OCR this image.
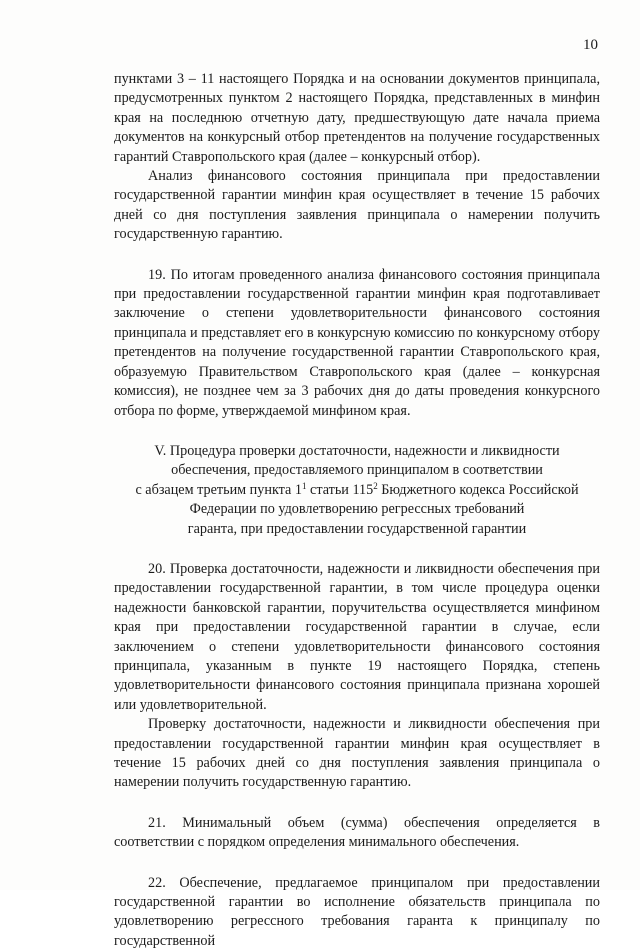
10

пунктами 3 – 11 настоящего Порядка и на основании документов принципала, предусмотренных пунктом 2 настоящего Порядка, представленных в минфин края на последнюю отчетную дату, предшествующую дате начала приема документов на конкурсный отбор претендентов на получение государственных гарантий Ставропольского края (далее – конкурсный отбор).

Анализ финансового состояния принципала при предоставлении государственной гарантии минфин края осуществляет в течение 15 рабочих дней со дня поступления заявления принципала о намерении получить государственную гарантию.

19. По итогам проведенного анализа финансового состояния принципала при предоставлении государственной гарантии минфин края подготавливает заключение о степени удовлетворительности финансового состояния принципала и представляет его в конкурсную комиссию по конкурсному отбору претендентов на получение государственной гарантии Ставропольского края, образуемую Правительством Ставропольского края (далее – конкурсная комиссия), не позднее чем за 3 рабочих дня до даты проведения конкурсного отбора по форме, утверждаемой минфином края.

V. Процедура проверки достаточности, надежности и ликвидности
обеспечения, предоставляемого принципалом в соответствии
с абзацем третьим пункта $1^1$ статьи $115^2$ Бюджетного кодекса Российской
Федерации по удовлетворению регрессных требований
гаранта, при предоставлении государственной гарантии

20. Проверка достаточности, надежности и ликвидности обеспечения при предоставлении государственной гарантии, в том числе процедура оценки надежности банковской гарантии, поручительства осуществляется минфином края при предоставлении государственной гарантии в случае, если заключением о степени удовлетворительности финансового состояния принципала, указанным в пункте 19 настоящего Порядка, степень удовлетворительности финансового состояния принципала признана хорошей или удовлетворительной.

Проверку достаточности, надежности и ликвидности обеспечения при предоставлении государственной гарантии минфин края осуществляет в течение 15 рабочих дней со дня поступления заявления принципала о намерении получить государственную гарантию.

21. Минимальный объем (сумма) обеспечения определяется в соответствии с порядком определения минимального обеспечения.

22. Обеспечение, предлагаемое принципалом при предоставлении государственной гарантии во исполнение обязательств принципала по удовлетворению регрессного требования гаранта к принципалу по государственной
